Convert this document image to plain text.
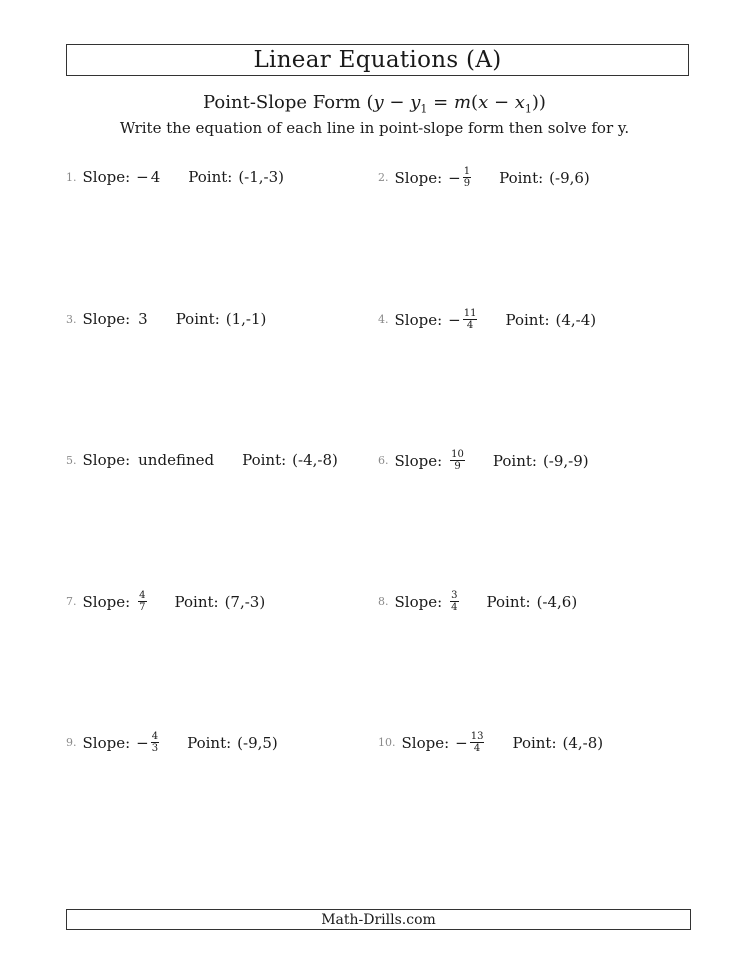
Linear Equations (A)
Point-Slope Form $(y - y_1 = m(x - x_1))$
Write the equation of each line in point-slope form then solve for y.
1. Slope: − 4 Point: (-1,-3)	2. Slope: − $\frac{1}{9}$ Point: (-9,6)
3. Slope: 3 Point: (1,-1)	4. Slope: − $\frac{11}{4}$ Point: (4,-4)
5. Slope: undefined Point: (-4,-8)	6. Slope: $\frac{10}{9}$ Point: (-9,-9)
7. Slope: $\frac{4}{7}$ Point: (7,-3)	8. Slope: $\frac{3}{4}$ Point: (-4,6)
9. Slope: − $\frac{4}{3}$ Point: (-9,5)	10. Slope: − $\frac{13}{4}$ Point: (4,-8)
Math-Drills.com
